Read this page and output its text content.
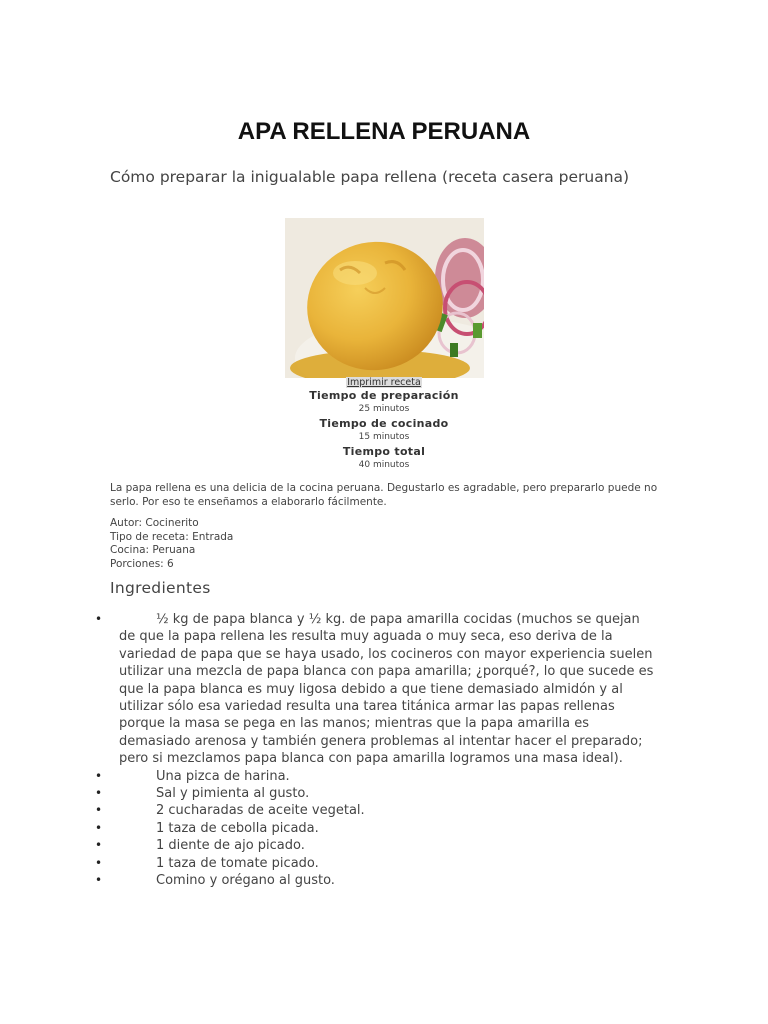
APA RELLENA PERUANA

Cómo preparar la inigualable papa rellena (receta casera peruana)

Imprimir receta
Tiempo de preparación
25 minutos
Tiempo de cocinado
15 minutos
Tiempo total
40 minutos

La papa rellena es una delicia de la cocina peruana. Degustarlo es agradable, pero prepararlo puede no serlo. Por eso te enseñamos a elaborarlo fácilmente.

Autor: Cocinerito
Tipo de receta: Entrada
Cocina: Peruana
Porciones: 6
Ingredientes
•	½ kg de papa blanca y ½ kg. de papa amarilla cocidas (muchos se quejan de que la papa rellena les resulta muy aguada o muy seca, eso deriva de la variedad de papa que se haya usado, los cocineros con mayor experiencia suelen utilizar una mezcla de papa blanca con papa amarilla; ¿porqué?, lo que sucede es que la papa blanca es muy ligosa debido a que tiene demasiado almidón y al utilizar sólo esa variedad resulta una tarea titánica armar las papas rellenas porque la masa se pega en las manos; mientras que la papa amarilla es demasiado arenosa y también genera problemas al intentar hacer el preparado; pero si mezclamos papa blanca con papa amarilla logramos una masa ideal).
•	Una pizca de harina.
•	Sal y pimienta al gusto.
•	2 cucharadas de aceite vegetal.
•	1 taza de cebolla picada.
•	1 diente de ajo picado.
•	1 taza de tomate picado.
•	Comino y orégano al gusto.
